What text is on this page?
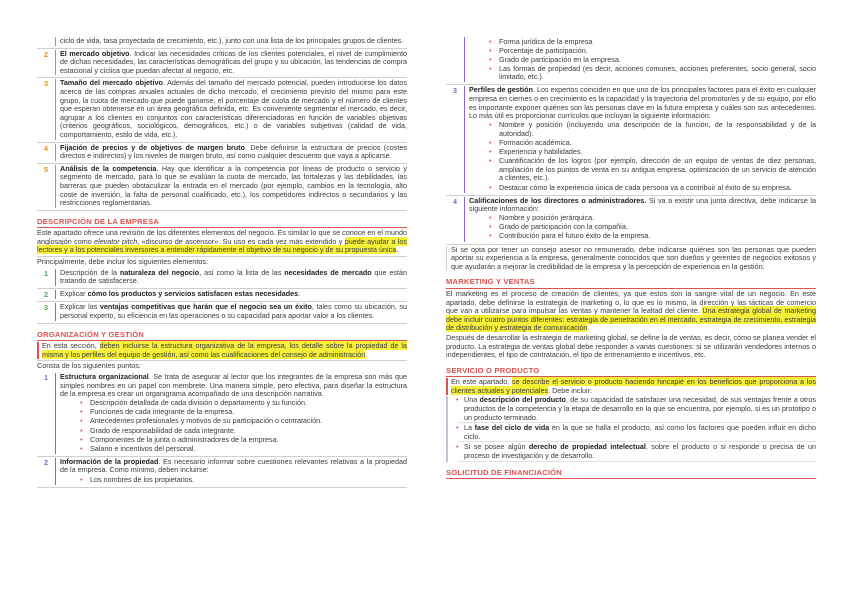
ciclo de vida, tasa proyectada de crecimiento, etc.), junto con una lista de los principales grupos de clientes.
2	El mercado objetivo. Indicar las necesidades críticas de los clientes potenciales, el nivel de cumplimiento de dichas necesidades, las características demográficas del grupo y su ubicación, las tendencias de compra estacional y cíclica que puedan afectar al negocio, etc.
3	Tamaño del mercado objetivo. Además del tamaño del mercado potencial, pueden introducirse los datos acerca de las compras anuales actuales de dicho mercado, el crecimiento previsto del mismo para este grupo, la cuota de mercado que puede ganarse, el porcentaje de cuota de mercado y el número de clientes que esperan obtenerse en un área geográfica definida, etc. Es conveniente segmentar el mercado, es decir, agrupar a los clientes en conjuntos con características diferenciadoras en función de variables objetivas (criterios geográficos, sociológicos, demográficos, etc.) o de variables subjetivas (calidad de vida, comportamiento, estilo de vida, etc.).
4	Fijación de precios y de objetivos de margen bruto. Debe definirse la estructura de precios (costes directos e indirectos) y los niveles de margen bruto, así como cualquier descuento que vaya a aplicarse.
5	Análisis de la competencia. Hay que identificar a la competencia por líneas de producto o servicio y segmento de mercado, para lo que se evalúan la cuota de mercado, las fortalezas y las debilidades, las barreras que pueden obstaculizar la entrada en el mercado (por ejemplo, cambios en la tecnología, alto coste de inversión, la falta de personal cualificado, etc.), los competidores indirectos o secundarios y las restricciones reglamentarias.
DESCRIPCIÓN DE LA EMPRESA
Este apartado ofrece una revisión de los diferentes elementos del negocio. Es similar lo que se conoce en el mundo anglosajón como elevator pitch, «discurso de ascensor». Su uso es cada vez más extendido y puede ayudar a los lectores y a los potenciales inversores a entender rápidamente el objetivo de su negocio y de su propuesta única.
Principalmente, debe incluir los siguientes elementos:
1	Descripción de la naturaleza del negocio, así como la lista de las necesidades de mercado que están tratando de satisfacerse.
2	Explicar cómo los productos y servicios satisfacen estas necesidades.
3	Explicar las ventajas competitivas que harán que el negocio sea un éxito, tales como su ubicación, su personal experto, su eficiencia en las operaciones o su capacidad para aportar valor a los clientes.
ORGANIZACIÓN Y GESTIÓN
En esta sección, deben incluirse la estructura organizativa de la empresa, los detalle sobre la propiedad de la misma y los perfiles del equipo de gestión, así como las cualificaciones del consejo de administración.
Consta de los siguientes puntos:
1	Estructura organizacional. Se trata de asegurar al lector que los integrantes de la empresa son más que simples nombres en un papel con membrete. Una manera simple, pero efectiva, para diseñar la estructura de la empresa es crear un organigrama acompañado de una descripción narrativa.
• Descripción detallada de cada división o departamento y su función.
• Funciones de cada integrante de la empresa.
• Antecedentes profesionales y motivos de su participación o contratación.
• Grado de responsabilidad de cada integrante.
• Componentes de la junta o administradores de la empresa.
• Salario e incentivos del personal.
2	Información de la propiedad. Es necesario informar sobre cuestiones relevantes relativas a la propiedad de la empresa. Como mínimo, deben incluirse:
• Los nombres de los propietarios.
• Forma jurídica de la empresa
• Porcentaje de participación.
• Grado de participación en la empresa.
• Las formas de propiedad (es decir, acciones comunes, acciones preferentes, socio general, socio limitado, etc.).
3	Perfiles de gestión. Los expertos coinciden en que uno de los principales factores para el éxito en cualquier empresa en ciernes o en crecimiento es la capacidad y la trayectoria del promotor/es y de su equipo, por ello es importante exponer quiénes son las personas clave en la futura empresa y cuáles son sus antecedentes. Lo más útil es proporcionar currículos que incluyan la siguiente información:
• Nombre y posición (incluyendo una descripción de la función, de la responsabilidad y de la autoridad).
• Formación académica.
• Experiencia y habilidades.
• Cuantificación de los logros (por ejemplo, dirección de un equipo de ventas de diez personas, ampliación de los puntos de venta en su antigua empresa, optimización de un servicio de atención a clientes, etc.).
• Destacar cómo la experiencia única de cada persona va a contribuir al éxito de su empresa.
4	Calificaciones de los directores o administradores. Si va a existir una junta directiva, debe indicarse la siguiente información:
• Nombre y posición jerárquica.
• Grado de participación con la compañía.
• Contribución para el futuro éxito de la empresa.
Si se opta por tener un consejo asesor no remunerado, debe indicarse quiénes son las personas que pueden aportar su experiencia a la empresa, generalmente conocidos que son dueños y gerentes de negocios exitosos y que ayudarán a mejorar la credibilidad de la empresa y la percepción de experiencia en la gestión.
MARKETING Y VENTAS
El marketing es el proceso de creación de clientes, ya que estos son la sangre vital de un negocio. En este apartado, debe definirse la estrategia de marketing o, lo que es lo mismo, la dirección y las tácticas de comercio que van a utilizarse para impulsar las ventas y mantener la lealtad del cliente. Una estrategia global de marketing debe incluir cuatro puntos diferentes: estrategia de penetración en el mercado, estrategia de crecimiento, estrategia de distribución y estrategia de comunicación.
Después de desarrollar la estrategia de marketing global, se define la de ventas, es decir, cómo se planea vender el producto. La estrategia de ventas global debe responder a varias cuestiones: si se utilizarán vendedores internos o independientes, el tipo de contratación, el tipo de entrenamiento e incentivos, etc.
SERVICIO O PRODUCTO
En este apartado, se describe el servicio o producto haciendo hincapié en los beneficios que proporciona a los clientes actuales y potenciales. Debe incluir:
• Una descripción del producto, de su capacidad de satisfacer una necesidad, de sus ventajas frente a otros productos de la competencia y la etapa de desarrollo en la que se encuentra, por ejemplo, si es un prototipo o un producto terminado.
• La fase del ciclo de vida en la que se halla el producto, así como los factores que pueden influir en dicho ciclo.
• Si se posee algún derecho de propiedad intelectual, sobre el producto o si responde o precisa de un proceso de investigación y de desarrollo.
SOLICITUD DE FINANCIACIÓN
